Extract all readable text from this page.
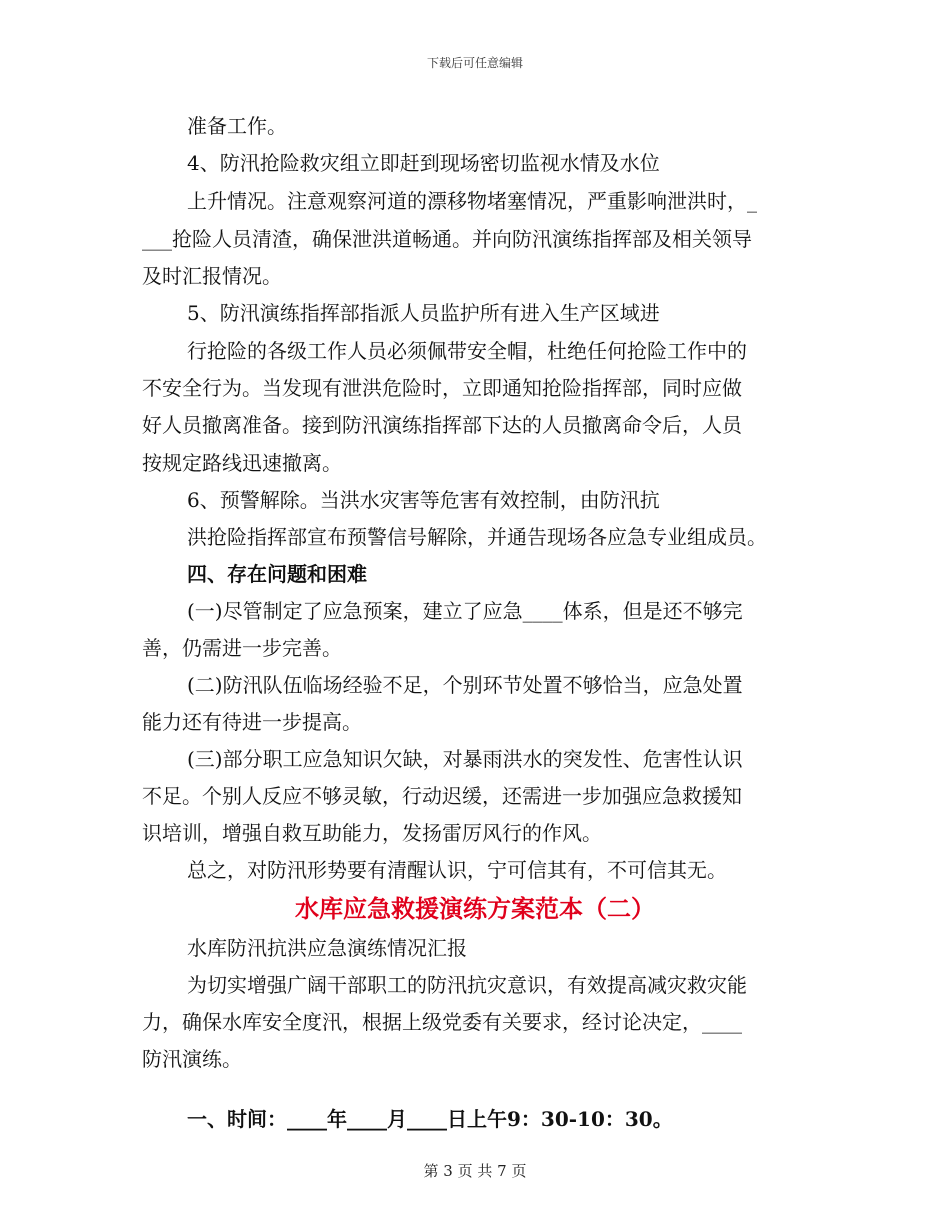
下载后可任意编辑
准备工作。
4、防汛抢险救灾组立即赶到现场密切监视水情及水位
上升情况。注意观察河道的漂移物堵塞情况，严重影响泄洪时，_
___抢险人员清渣，确保泄洪道畅通。并向防汛演练指挥部及相关领导
及时汇报情况。
5、防汛演练指挥部指派人员监护所有进入生产区域进
行抢险的各级工作人员必须佩带安全帽，杜绝任何抢险工作中的
不安全行为。当发现有泄洪危险时，立即通知抢险指挥部，同时应做
好人员撤离准备。接到防汛演练指挥部下达的人员撤离命令后，人员
按规定路线迅速撤离。
6、预警解除。当洪水灾害等危害有效控制，由防汛抗
洪抢险指挥部宣布预警信号解除，并通告现场各应急专业组成员。
四、存在问题和困难
(一)尽管制定了应急预案，建立了应急____体系，但是还不够完
善，仍需进一步完善。
(二)防汛队伍临场经验不足，个别环节处置不够恰当，应急处置
能力还有待进一步提高。
(三)部分职工应急知识欠缺，对暴雨洪水的突发性、危害性认识
不足。个别人反应不够灵敏，行动迟缓，还需进一步加强应急救援知
识培训，增强自救互助能力，发扬雷厉风行的作风。
总之，对防汛形势要有清醒认识，宁可信其有，不可信其无。
水库防汛抗洪应急演练情况汇报
为切实增强广阔干部职工的防汛抗灾意识，有效提高减灾救灾能
力，确保水库安全度汛，根据上级党委有关要求，经讨论决定，____
防汛演练。
一、时间：____年____月____日上午9：30-10：30。
水库应急救援演练方案范本（二）
第 3 页 共 7 页
